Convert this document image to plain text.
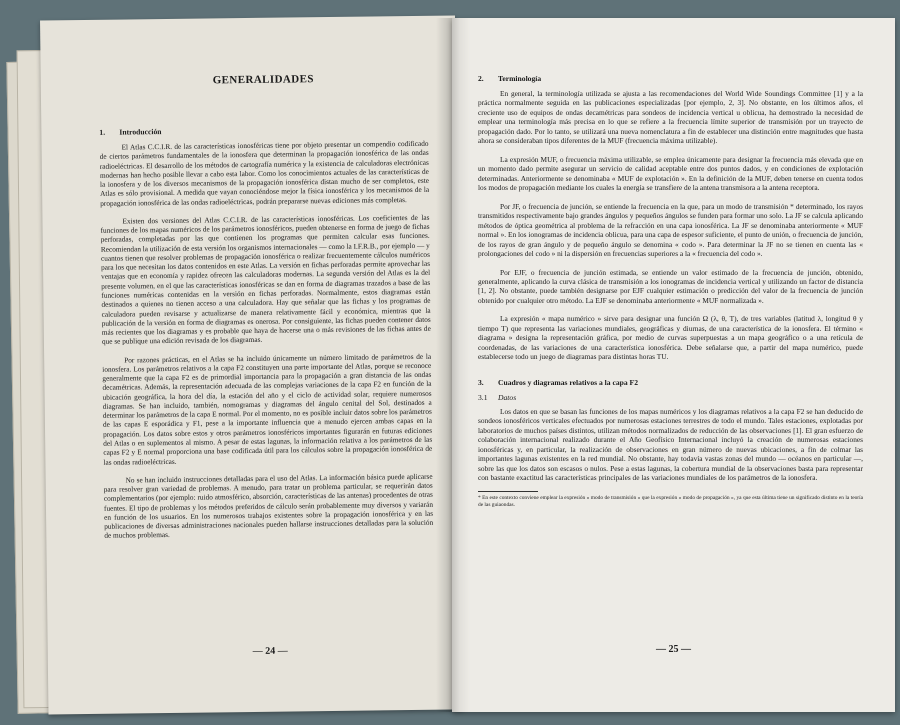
GENERALIDADES
1. Introducción

El Atlas C.C.I.R. de las características ionosféricas tiene por objeto presentar un compendio codificado de ciertos parámetros fundamentales de la ionosfera que determinan la propagación ionosférica de las ondas radioeléctricas. El desarrollo de los métodos de cartografía numérica y la existencia de calculadoras electrónicas modernas han hecho posible llevar a cabo esta labor. Como los conocimientos actuales de las características de la ionosfera y de los diversos mecanismos de la propagación ionosférica distan mucho de ser completos, este Atlas es sólo provisional. A medida que vayan conociéndose mejor la física ionosférica y los mecanismos de la propagación ionosférica de las ondas radioeléctricas, podrán prepararse nuevas ediciones más completas.

Existen dos versiones del Atlas C.C.I.R. de las características ionosféricas. Los coeficientes de las funciones de los mapas numéricos de los parámetros ionosféricos, pueden obtenerse en forma de juego de fichas perforadas, completadas por las que contienen los programas que permiten calcular esas funciones. Recomiendan la utilización de esta versión los organismos internacionales — como la I.F.R.B., por ejemplo — y cuantos tienen que resolver problemas de propagación ionosférica o realizar frecuentemente cálculos numéricos para los que necesitan los datos contenidos en este Atlas. La versión en fichas perforadas permite aprovechar las ventajas que en economía y rapidez ofrecen las calculadoras modernas. La segunda versión del Atlas es la del presente volumen, en el que las características ionosféricas se dan en forma de diagramas trazados a base de las funciones numéricas contenidas en la versión en fichas perforadas. Normalmente, estos diagramas están destinados a quienes no tienen acceso a una calculadora. Hay que señalar que las fichas y los programas de calculadora pueden revisarse y actualizarse de manera relativamente fácil y económica, mientras que la publicación de la versión en forma de diagramas es onerosa. Por consiguiente, las fichas pueden contener datos más recientes que los diagramas y es probable que haya de hacerse una o más revisiones de las fichas antes de que se publique una edición revisada de los diagramas.

Por razones prácticas, en el Atlas se ha incluido únicamente un número limitado de parámetros de la ionosfera. Los parámetros relativos a la capa F2 constituyen una parte importante del Atlas, porque se reconoce generalmente que la capa F2 es de primordial importancia para la propagación a gran distancia de las ondas decamétricas. Además, la representación adecuada de las complejas variaciones de la capa F2 en función de la ubicación geográfica, la hora del día, la estación del año y el ciclo de actividad solar, requiere numerosos diagramas. Se han incluido, también, nomogramas y diagramas del ángulo cenital del Sol, destinados a determinar los parámetros de la capa E normal. Por el momento, no es posible incluir datos sobre los parámetros de las capas E esporádica y F1, pese a la importante influencia que a menudo ejercen ambas capas en la propagación. Los datos sobre estos y otros parámetros ionosféricos importantes figurarán en futuras ediciones del Atlas o en suplementos al mismo. A pesar de estas lagunas, la información relativa a los parámetros de las capas F2 y E normal proporciona una base codificada útil para los cálculos sobre la propagación ionosférica de las ondas radioeléctricas.

No se han incluido instrucciones detalladas para el uso del Atlas. La información básica puede aplicarse para resolver gran variedad de problemas. A menudo, para tratar un problema particular, se requerirán datos complementarios (por ejemplo: ruido atmosférico, absorción, características de las antenas) procedentes de otras fuentes. El tipo de problemas y los métodos preferidos de cálculo serán probablemente muy diversos y variarán en función de los usuarios. En los numerosos trabajos existentes sobre la propagación ionosférica y en las publicaciones de diversas administraciones nacionales pueden hallarse instrucciones detalladas para la solución de muchos problemas.

— 24 —
2. Terminología

En general, la terminología utilizada se ajusta a las recomendaciones del World Wide Soundings Committee [1] y a la práctica normalmente seguida en las publicaciones especializadas [por ejemplo, 2, 3]. No obstante, en los últimos años, el creciente uso de equipos de ondas decamétricas para sondeos de incidencia vertical u oblicua, ha demostrado la necesidad de emplear una terminología más precisa en lo que se refiere a la frecuencia límite superior de transmisión por un trayecto de propagación dado. Por lo tanto, se utilizará una nueva nomenclatura a fin de establecer una distinción entre magnitudes que hasta ahora se consideraban tipos diferentes de la MUF (frecuencia máxima utilizable).

La expresión MUF, o frecuencia máxima utilizable, se emplea únicamente para designar la frecuencia más elevada que en un momento dado permite asegurar un servicio de calidad aceptable entre dos puntos dados, y en condiciones de explotación determinadas. Anteriormente se denominaba « MUF de explotación ». En la definición de la MUF, deben tenerse en cuenta todos los modos de propagación mediante los cuales la energía se transfiere de la antena transmisora a la antena receptora.

Por JF, o frecuencia de junción, se entiende la frecuencia en la que, para un modo de transmisión * determinado, los rayos transmitidos respectivamente bajo grandes ángulos y pequeños ángulos se funden para formar uno solo. La JF se calcula aplicando métodos de óptica geométrica al problema de la refracción en una capa ionosférica. La JF se denominaba anteriormente « MUF normal ». En los ionogramas de incidencia oblicua, para una capa de espesor suficiente, el punto de unión, o frecuencia de junción, de los rayos de gran ángulo y de pequeño ángulo se denomina « codo ». Para determinar la JF no se tienen en cuenta las « prolongaciones del codo » ni la dispersión en frecuencias superiores a la « frecuencia del codo ».

Por EJF, o frecuencia de junción estimada, se entiende un valor estimado de la frecuencia de junción, obtenido, generalmente, aplicando la curva clásica de transmisión a los ionogramas de incidencia vertical y utilizando un factor de distancia [1, 2]. No obstante, puede también designarse por EJF cualquier estimación o predicción del valor de la frecuencia de junción obtenido por cualquier otro método. La EJF se denominaba anteriormente « MUF normalizada ».

La expresión « mapa numérico » sirve para designar una función Ω (λ, θ, T), de tres variables (latitud λ, longitud θ y tiempo T) que representa las variaciones mundiales, geográficas y diurnas, de una característica de la ionosfera. El término « diagrama » designa la representación gráfica, por medio de curvas superpuestas a un mapa geográfico o a una retícula de coordenadas, de las variaciones de una característica ionosférica. Debe señalarse que, a partir del mapa numérico, puede establecerse todo un juego de diagramas para distintas horas TU.

3. Cuadros y diagramas relativos a la capa F2
3.1 Datos

Los datos en que se basan las funciones de los mapas numéricos y los diagramas relativos a la capa F2 se han deducido de sondeos ionosféricos verticales efectuados por numerosas estaciones terrestres de todo el mundo. Tales estaciones, explotadas por laboratorios de muchos países distintos, utilizan métodos normalizados de reducción de las observaciones [1]. El gran esfuerzo de colaboración internacional realizado durante el Año Geofísico Internacional incluyó la creación de numerosas estaciones ionosféricas y, en particular, la realización de observaciones en gran número de nuevas ubicaciones, a fin de colmar las importantes lagunas existentes en la red mundial. No obstante, hay todavía vastas zonas del mundo — océanos en particular —, sobre las que los datos son escasos o nulos. Pese a estas lagunas, la cobertura mundial de la observaciones basta para representar con bastante exactitud las características principales de las variaciones mundiales de los parámetros de la ionosfera.

* En este contexto conviene emplear la expresión « modo de transmisión » que la expresión « modo de propagación », ya que esta última tiene un significado distinto en la teoría de las guiaondas.

— 25 —
